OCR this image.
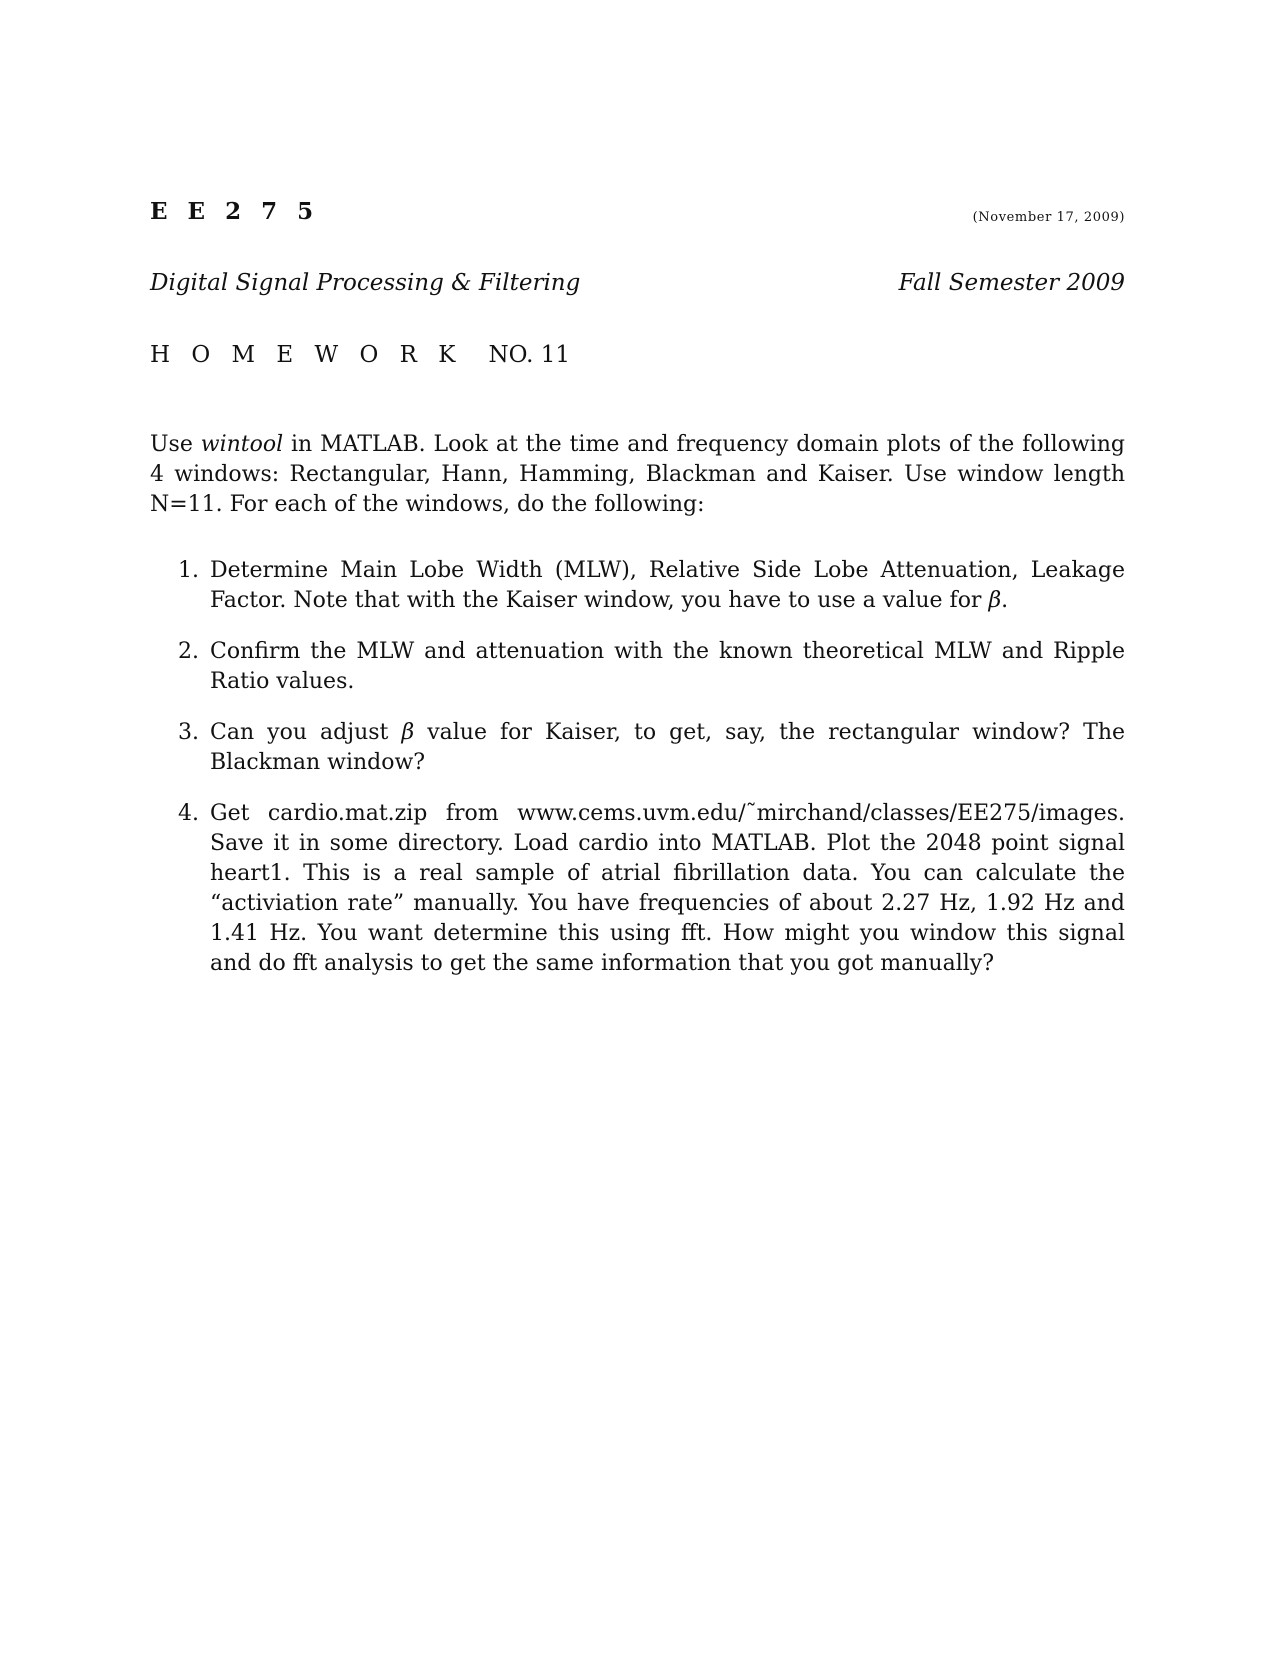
E E 2 7 5	(November 17, 2009)
Digital Signal Processing & Filtering	Fall Semester 2009
H O M E W O R K NO. 11

Use wintool in MATLAB. Look at the time and frequency domain plots of the following 4 windows: Rectangular, Hann, Hamming, Blackman and Kaiser. Use window length N=11. For each of the windows, do the following:

1. Determine Main Lobe Width (MLW), Relative Side Lobe Attenuation, Leakage Factor. Note that with the Kaiser window, you have to use a value for β.
2. Confirm the MLW and attenuation with the known theoretical MLW and Ripple Ratio values.
3. Can you adjust β value for Kaiser, to get, say, the rectangular window? The Blackman window?
4. Get cardio.mat.zip from www.cems.uvm.edu/˜mirchand/classes/EE275/images. Save it in some directory. Load cardio into MATLAB. Plot the 2048 point signal heart1. This is a real sample of atrial fibrillation data. You can calculate the “activiation rate” manually. You have frequencies of about 2.27 Hz, 1.92 Hz and 1.41 Hz. You want determine this using fft. How might you window this signal and do fft analysis to get the same information that you got manually?
